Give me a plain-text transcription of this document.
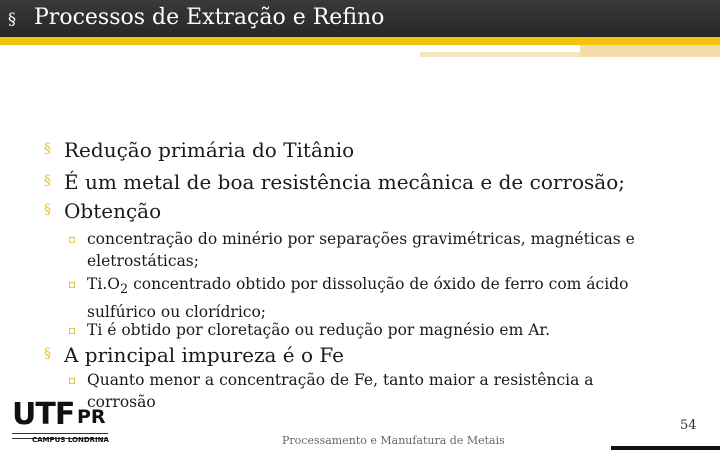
§ Processos de Extração e Refino
§ Redução primária do Titânio
§ É um metal de boa resistência mecânica e de corrosão;
§ Obtenção
▫ concentração do minério por separações gravimétricas, magnéticas e eletrostáticas;
▫ $Ti.O_2$ concentrado obtido por dissolução de óxido de ferro com ácido sulfúrico ou clorídrico;
▫ Ti é obtido por cloretação ou redução por magnésio em Ar.
§ A principal impureza é o Fe
▫ Quanto menor a concentração de Fe, tanto maior a resistência a corrosão
UTF PR
CAMPUS LONDRINA	Processamento e Manufatura de Metais
54
